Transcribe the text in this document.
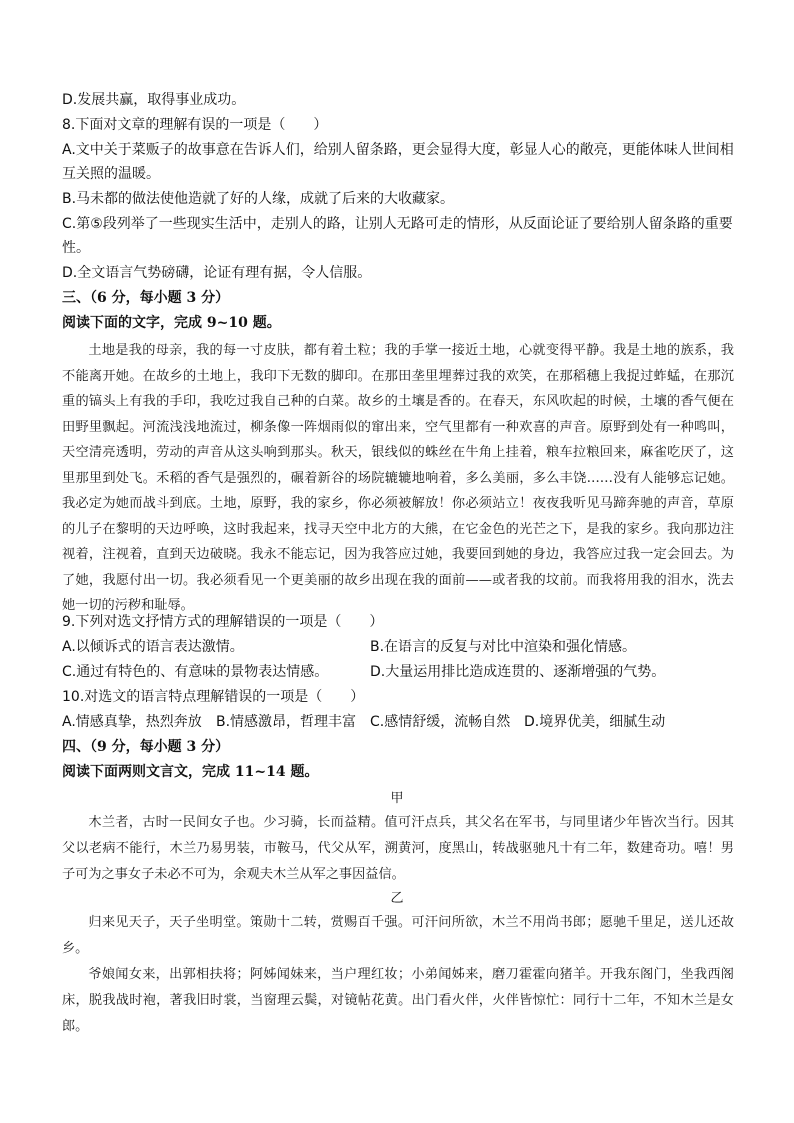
D.发展共赢，取得事业成功。
8.下面对文章的理解有误的一项是（　　）
A.文中关于菜贩子的故事意在告诉人们，给别人留条路，更会显得大度，彰显人心的敞亮，更能体味人世间相
互关照的温暖。
B.马未都的做法使他造就了好的人缘，成就了后来的大收藏家。
C.第⑤段列举了一些现实生活中，走别人的路，让别人无路可走的情形，从反面论证了要给别人留条路的重要
性。
D.全文语言气势磅礴，论证有理有据，令人信服。
三、（6 分，每小题 3 分）
阅读下面的文字，完成 9~10 题。

土地是我的母亲，我的每一寸皮肤，都有着土粒；我的手掌一接近土地，心就变得平静。我是土地的族系，我不能离开她。在故乡的土地上，我印下无数的脚印。在那田垄里埋葬过我的欢笑，在那稻穗上我捉过蚱蜢，在那沉重的镐头上有我的手印，我吃过我自己种的白菜。故乡的土壤是香的。在春天，东风吹起的时候，土壤的香气便在田野里飘起。河流浅浅地流过，柳条像一阵烟雨似的窜出来，空气里都有一种欢喜的声音。原野到处有一种鸣叫，天空清亮透明，劳动的声音从这头响到那头。秋天，银线似的蛛丝在牛角上挂着，粮车拉粮回来，麻雀吃厌了，这里那里到处飞。禾稻的香气是强烈的，碾着新谷的场院辘辘地响着，多么美丽，多么丰饶……没有人能够忘记她。我必定为她而战斗到底。土地，原野，我的家乡，你必须被解放！你必须站立！夜夜我听见马蹄奔驰的声音，草原的儿子在黎明的天边呼唤，这时我起来，找寻天空中北方的大熊，在它金色的光芒之下，是我的家乡。我向那边注视着，注视着，直到天边破晓。我永不能忘记，因为我答应过她，我要回到她的身边，我答应过我一定会回去。为了她，我愿付出一切。我必须看见一个更美丽的故乡出现在我的面前——或者我的坟前。而我将用我的泪水，洗去她一切的污秽和耻辱。

9.下列对选文抒情方式的理解错误的一项是（　　）
A.以倾诉式的语言表达激情。	B.在语言的反复与对比中渲染和强化情感。
C.通过有特色的、有意味的景物表达情感。	D.大量运用排比造成连贯的、逐渐增强的气势。
10.对选文的语言特点理解错误的一项是（　　）
A.情感真挚，热烈奔放 B.情感激昂，哲理丰富 C.感情舒缓，流畅自然 D.境界优美，细腻生动
四、（9 分，每小题 3 分）
阅读下面两则文言文，完成 11~14 题。
甲

木兰者，古时一民间女子也。少习骑，长而益精。值可汗点兵，其父名在军书，与同里诸少年皆次当行。因其父以老病不能行，木兰乃易男装，市鞍马，代父从军，溯黄河，度黑山，转战驱驰凡十有二年，数建奇功。嘻！男子可为之事女子未必不可为，余观夫木兰从军之事因益信。

乙

归来见天子，天子坐明堂。策勋十二转，赏赐百千强。可汗问所欲，木兰不用尚书郎；愿驰千里足，送儿还故乡。

爷娘闻女来，出郭相扶将；阿姊闻妹来，当户理红妆；小弟闻姊来，磨刀霍霍向猪羊。开我东阁门，坐我西阁床，脱我战时袍，著我旧时裳，当窗理云鬓，对镜帖花黄。出门看火伴，火伴皆惊忙：同行十二年，不知木兰是女郎。
